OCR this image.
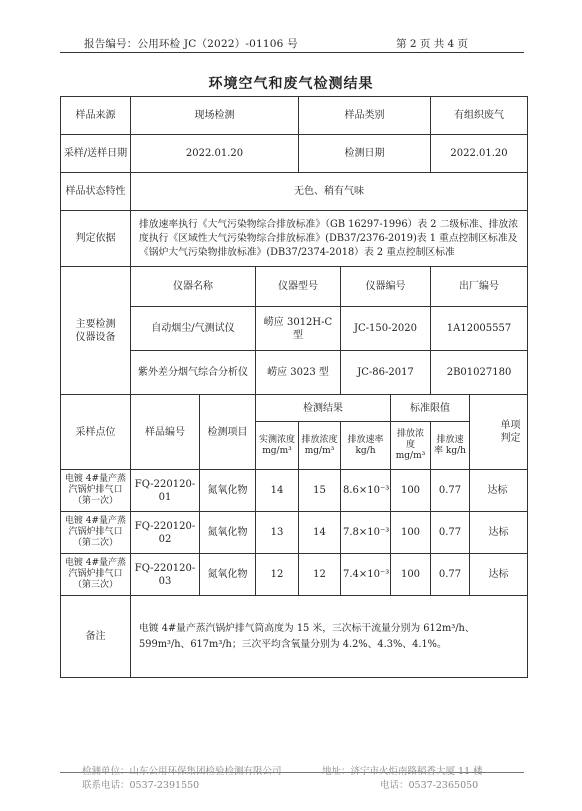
报告编号：公用环检 JC（2022）-01106 号	第 2 页 共 4 页
环境空气和废气检测结果
样品来源	现场检测			样品类别			有组织废气	
采样/送样日期	2022.01.20			检测日期			2022.01.20	
样品状态特性	无色、稍有气味							
判定依据	排放速率执行《大气污染物综合排放标准》（GB 16297-1996）表 2 二级标准、排放浓度执行《区域性大气污染物综合排放标准》(DB37/2376-2019)表 1 重点控制区标准及《锅炉大气污染物排放标准》(DB37/2374-2018）表 2 重点控制区标准							
主要检测仪器设备	仪器名称		仪器型号		仪器编号		出厂编号	
	自动烟尘/气测试仪		崂应 3012H-C 型		JC-150-2020		1A12005557	
	紫外差分烟气综合分析仪		崂应 3023 型		JC-86-2017		2B01027180	
采样点位	样品编号	检测项目	检测结果			标准限值		单项判定
			实测浓度 mg/m³	排放浓度 mg/m³	排放速率 kg/h	排放浓度 mg/m³	排放速率 kg/h	
电镀 4#量产蒸汽锅炉排气口（第一次）	FQ-220120-01	氮氧化物	14	15	8.6×10⁻³	100	0.77	达标
电镀 4#量产蒸汽锅炉排气口（第二次）	FQ-220120-02	氮氧化物	13	14	7.8×10⁻³	100	0.77	达标
电镀 4#量产蒸汽锅炉排气口（第三次）	FQ-220120-03	氮氧化物	12	12	7.4×10⁻³	100	0.77	达标
备注	电镀 4#量产蒸汽锅炉排气筒高度为 15 米，三次标干流量分别为 612m³/h、599m³/h、617m³/h；三次平均含氧量分别为 4.2%、4.3%、4.1%。							
检测单位：山东公用环保集团检验检测有限公司	地址：济宁市火炬南路稻香大厦 11 楼
联系电话：0537-2391550	电话：0537-2365050
